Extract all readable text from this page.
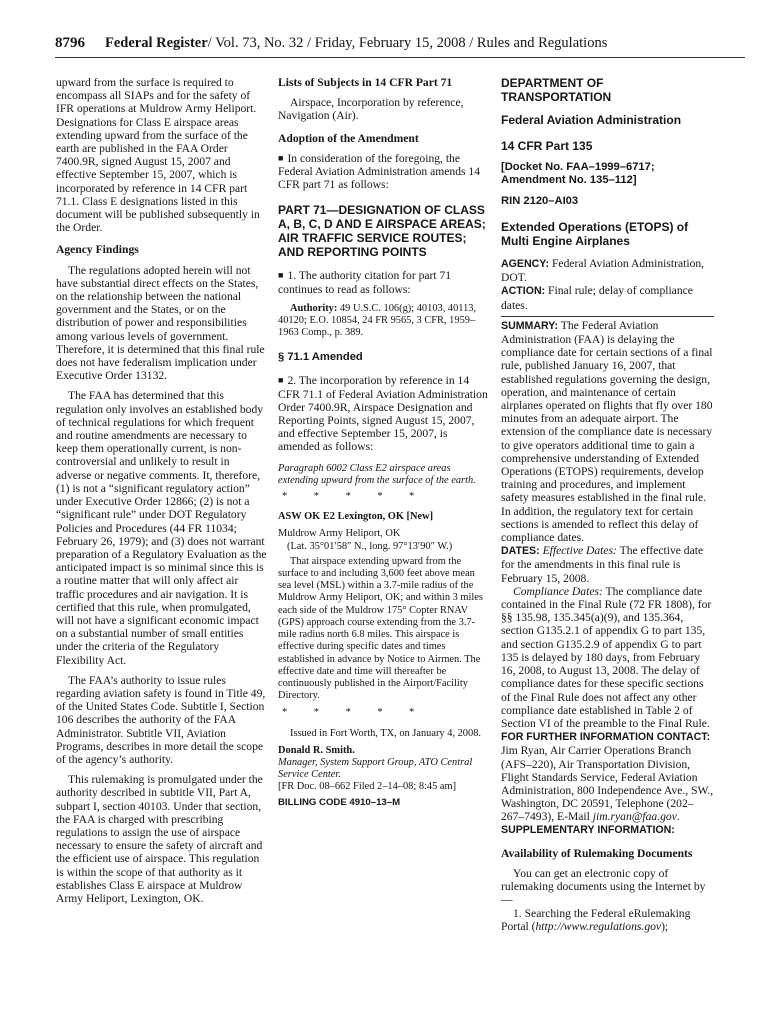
8796 Federal Register/ Vol. 73, No. 32 / Friday, February 15, 2008 / Rules and Regulations

upward from the surface is required to encompass all SIAPs and for the safety of IFR operations at Muldrow Army Heliport. Designations for Class E airspace areas extending upward from the surface of the earth are published in the FAA Order 7400.9R, signed August 15, 2007 and effective September 15, 2007, which is incorporated by reference in 14 CFR part 71.1. Class E designations listed in this document will be published subsequently in the Order.

Agency Findings

The regulations adopted herein will not have substantial direct effects on the States, on the relationship between the national government and the States, or on the distribution of power and responsibilities among various levels of government. Therefore, it is determined that this final rule does not have federalism implication under Executive Order 13132.

The FAA has determined that this regulation only involves an established body of technical regulations for which frequent and routine amendments are necessary to keep them operationally current, is non-controversial and unlikely to result in adverse or negative comments. It, therefore, (1) is not a “significant regulatory action” under Executive Order 12866; (2) is not a “significant rule” under DOT Regulatory Policies and Procedures (44 FR 11034; February 26, 1979); and (3) does not warrant preparation of a Regulatory Evaluation as the anticipated impact is so minimal since this is a routine matter that will only affect air traffic procedures and air navigation. It is certified that this rule, when promulgated, will not have a significant economic impact on a substantial number of small entities under the criteria of the Regulatory Flexibility Act.

The FAA’s authority to issue rules regarding aviation safety is found in Title 49, of the United States Code. Subtitle I, Section 106 describes the authority of the FAA Administrator. Subtitle VII, Aviation Programs, describes in more detail the scope of the agency’s authority.

This rulemaking is promulgated under the authority described in subtitle VII, Part A, subpart I, section 40103. Under that section, the FAA is charged with prescribing regulations to assign the use of airspace necessary to ensure the safety of aircraft and the efficient use of airspace. This regulation is within the scope of that authority as it establishes Class E airspace at Muldrow Army Heliport, Lexington, OK.

Lists of Subjects in 14 CFR Part 71

Airspace, Incorporation by reference, Navigation (Air).

Adoption of the Amendment

■ In consideration of the foregoing, the Federal Aviation Administration amends 14 CFR part 71 as follows:

PART 71—DESIGNATION OF CLASS A, B, C, D AND E AIRSPACE AREAS; AIR TRAFFIC SERVICE ROUTES; AND REPORTING POINTS

■ 1. The authority citation for part 71 continues to read as follows:

Authority: 49 U.S.C. 106(g); 40103, 40113, 40120; E.O. 10854, 24 FR 9565, 3 CFR, 1959–1963 Comp., p. 389.

§ 71.1 Amended

■ 2. The incorporation by reference in 14 CFR 71.1 of Federal Aviation Administration Order 7400.9R, Airspace Designation and Reporting Points, signed August 15, 2007, and effective September 15, 2007, is amended as follows:

Paragraph 6002 Class E2 airspace areas extending upward from the surface of the earth.

* * * * *

ASW OK E2 Lexington, OK [New]

Muldrow Army Heliport, OK

(Lat. 35°01′58″ N., long. 97°13′90″ W.)

That airspace extending upward from the surface to and including 3,600 feet above mean sea level (MSL) within a 3.7-mile radius of the Muldrow Army Heliport, OK; and within 3 miles each side of the Muldrow 175° Copter RNAV (GPS) approach course extending from the 3.7-mile radius north 6.8 miles. This airspace is effective during specific dates and times established in advance by Notice to Airmen. The effective date and time will thereafter be continuously published in the Airport/Facility Directory.

* * * * *

Issued in Fort Worth, TX, on January 4, 2008.

Donald R. Smith.

Manager, System Support Group, ATO Central Service Center.

[FR Doc. 08–662 Filed 2–14–08; 8:45 am]

BILLING CODE 4910–13–M

DEPARTMENT OF TRANSPORTATION

Federal Aviation Administration

14 CFR Part 135

[Docket No. FAA–1999–6717; Amendment No. 135–112]

RIN 2120–AI03

Extended Operations (ETOPS) of Multi Engine Airplanes

AGENCY: Federal Aviation Administration, DOT.

ACTION: Final rule; delay of compliance dates.

SUMMARY: The Federal Aviation Administration (FAA) is delaying the compliance date for certain sections of a final rule, published January 16, 2007, that established regulations governing the design, operation, and maintenance of certain airplanes operated on flights that fly over 180 minutes from an adequate airport. The extension of the compliance date is necessary to give operators additional time to gain a comprehensive understanding of Extended Operations (ETOPS) requirements, develop training and procedures, and implement safety measures established in the final rule. In addition, the regulatory text for certain sections is amended to reflect this delay of compliance dates.

DATES: Effective Dates: The effective date for the amendments in this final rule is February 15, 2008.

Compliance Dates: The compliance date contained in the Final Rule (72 FR 1808), for §§ 135.98, 135.345(a)(9), and 135.364, section G135.2.1 of appendix G to part 135, and section G135.2.9 of appendix G to part 135 is delayed by 180 days, from February 16, 2008, to August 13, 2008. The delay of compliance dates for these specific sections of the Final Rule does not affect any other compliance date established in Table 2 of Section VI of the preamble to the Final Rule.

FOR FURTHER INFORMATION CONTACT: Jim Ryan, Air Carrier Operations Branch (AFS–220), Air Transportation Division, Flight Standards Service, Federal Aviation Administration, 800 Independence Ave., SW., Washington, DC 20591, Telephone (202–267–7493), E-Mail jim.ryan@faa.gov.

SUPPLEMENTARY INFORMATION:

Availability of Rulemaking Documents

You can get an electronic copy of rulemaking documents using the Internet by—

1. Searching the Federal eRulemaking Portal (http://www.regulations.gov);
